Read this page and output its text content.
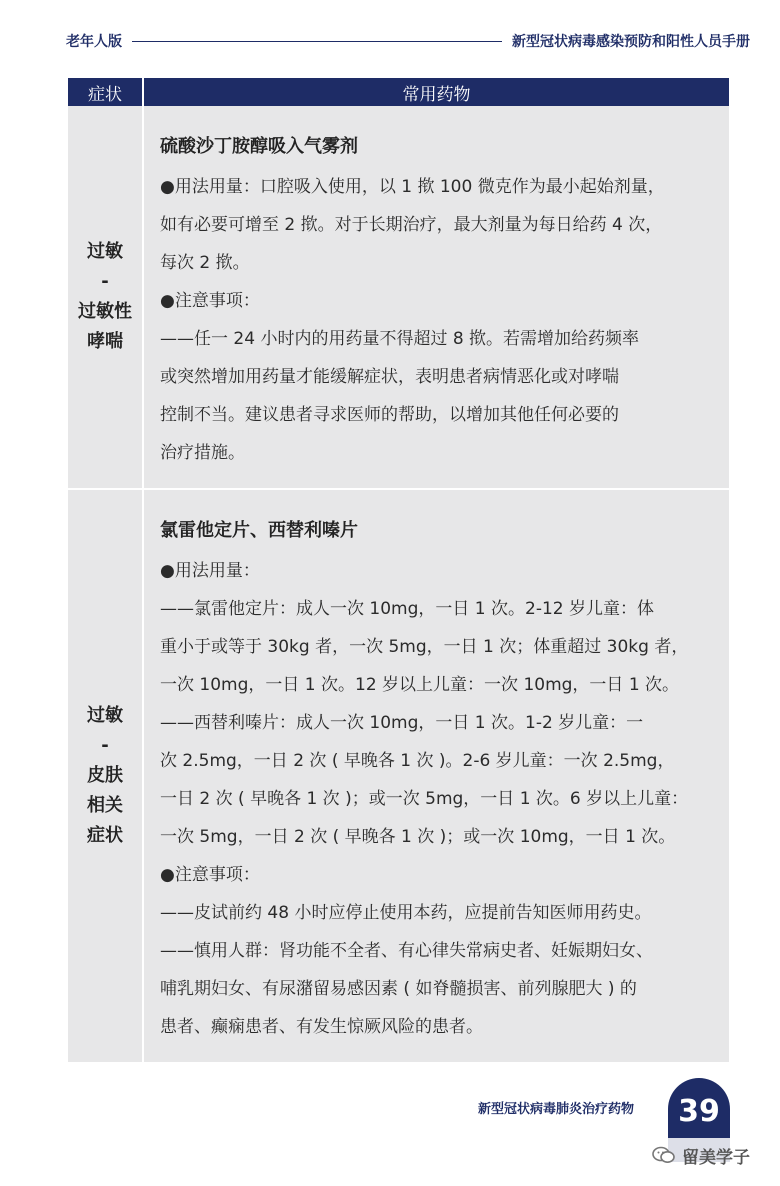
老年人版	新型冠状病毒感染预防和阳性人员手册
症状	常用药物
过敏
-
过敏性
哮喘
硫酸沙丁胺醇吸入气雾剂
●用法用量：口腔吸入使用，以 1 揿 100 微克作为最小起始剂量，
如有必要可增至 2 揿。对于长期治疗，最大剂量为每日给药 4 次，
每次 2 揿。
●注意事项：
——任一 24 小时内的用药量不得超过 8 揿。若需增加给药频率
或突然增加用药量才能缓解症状，表明患者病情恶化或对哮喘
控制不当。建议患者寻求医师的帮助，以增加其他任何必要的
治疗措施。
过敏
-
皮肤
相关
症状
氯雷他定片、西替利嗪片
●用法用量：
——氯雷他定片：成人一次 10mg，一日 1 次。2-12 岁儿童：体
重小于或等于 30kg 者，一次 5mg，一日 1 次；体重超过 30kg 者，
一次 10mg，一日 1 次。12 岁以上儿童：一次 10mg，一日 1 次。
——西替利嗪片：成人一次 10mg，一日 1 次。1-2 岁儿童：一
次 2.5mg，一日 2 次 ( 早晚各 1 次 )。2-6 岁儿童：一次 2.5mg，
一日 2 次 ( 早晚各 1 次 )；或一次 5mg，一日 1 次。6 岁以上儿童：
一次 5mg，一日 2 次 ( 早晚各 1 次 )；或一次 10mg，一日 1 次。
●注意事项：
——皮试前约 48 小时应停止使用本药，应提前告知医师用药史。
——慎用人群：肾功能不全者、有心律失常病史者、妊娠期妇女、
哺乳期妇女、有尿潴留易感因素 ( 如脊髓损害、前列腺肥大 ) 的
患者、癫痫患者、有发生惊厥风险的患者。
新型冠状病毒肺炎治疗药物 39
留美学子
